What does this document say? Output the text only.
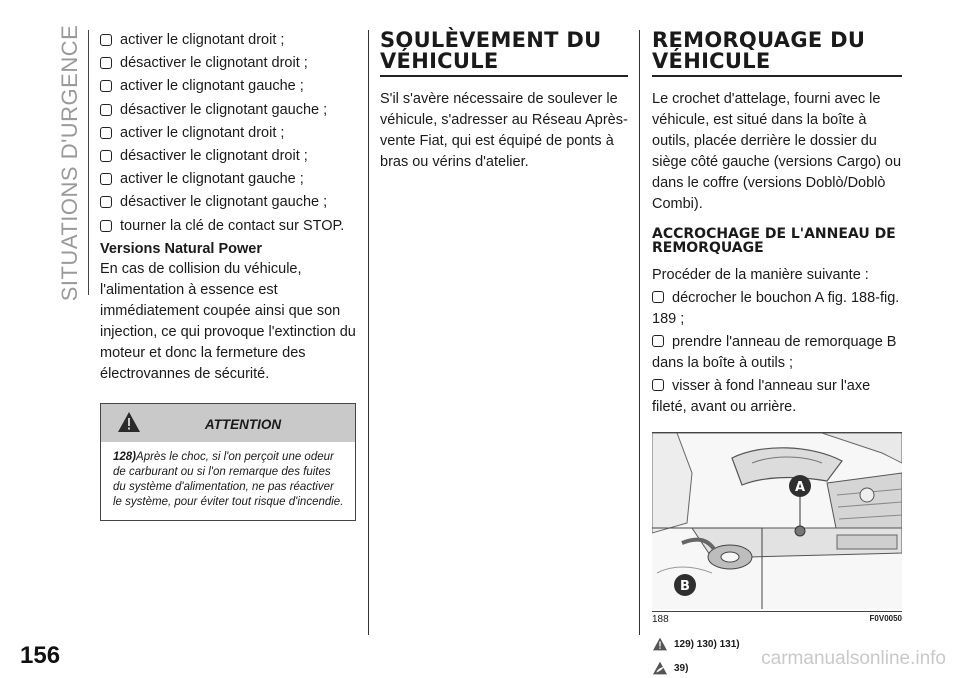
SITUATIONS D'URGENCE	activer le clignotant droit ;
désactiver le clignotant droit ;
activer le clignotant gauche ;
désactiver le clignotant gauche ;
activer le clignotant droit ;
désactiver le clignotant droit ;
activer le clignotant gauche ;
désactiver le clignotant gauche ;
tourner la clé de contact sur STOP.
Versions Natural Power

En cas de collision du véhicule, l'alimentation à essence est immédiatement coupée ainsi que son injection, ce qui provoque l'extinction du moteur et donc la fermeture des électrovannes de sécurité.

ATTENTION
128)Après le choc, si l'on perçoit une odeur de carburant ou si l'on remarque des fuites du système d'alimentation, ne pas réactiver le système, pour éviter tout risque d'incendie.
SOULÈVEMENT DU VÉHICULE

S'il s'avère nécessaire de soulever le véhicule, s'adresser au Réseau Après-vente Fiat, qui est équipé de ponts à bras ou vérins d'atelier.

REMORQUAGE DU VÉHICULE

Le crochet d'attelage, fourni avec le véhicule, est situé dans la boîte à outils, placée derrière le dossier du siège côté gauche (versions Cargo) ou dans le coffre (versions Doblò/Doblò Combi).

ACCROCHAGE DE L'ANNEAU DE REMORQUAGE

Procéder de la manière suivante :

décrocher le bouchon A fig. 188-fig. 189 ;
prendre l'anneau de remorquage B dans la boîte à outils ;
visser à fond l'anneau sur l'axe fileté, avant ou arrière.
A
B
188	F0V0050
129) 130) 131)
39)
156	carmanualsonline.info
